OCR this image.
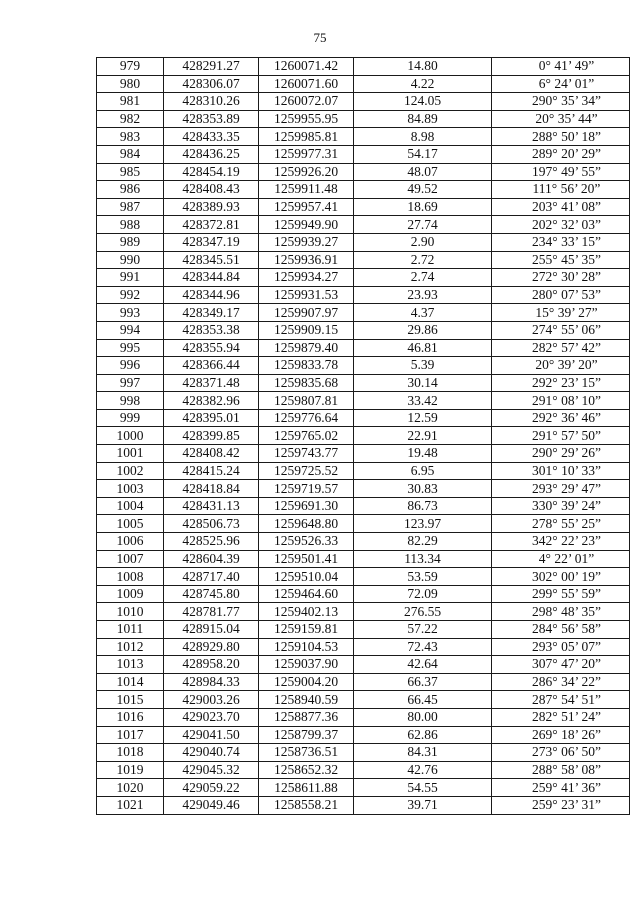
75
979	428291.27	1260071.42	14.80	0° 41’ 49”
980	428306.07	1260071.60	4.22	6° 24’ 01”
981	428310.26	1260072.07	124.05	290° 35’ 34”
982	428353.89	1259955.95	84.89	20° 35’ 44”
983	428433.35	1259985.81	8.98	288° 50’ 18”
984	428436.25	1259977.31	54.17	289° 20’ 29”
985	428454.19	1259926.20	48.07	197° 49’ 55”
986	428408.43	1259911.48	49.52	111° 56’ 20”
987	428389.93	1259957.41	18.69	203° 41’ 08”
988	428372.81	1259949.90	27.74	202° 32’ 03”
989	428347.19	1259939.27	2.90	234° 33’ 15”
990	428345.51	1259936.91	2.72	255° 45’ 35”
991	428344.84	1259934.27	2.74	272° 30’ 28”
992	428344.96	1259931.53	23.93	280° 07’ 53”
993	428349.17	1259907.97	4.37	15° 39’ 27”
994	428353.38	1259909.15	29.86	274° 55’ 06”
995	428355.94	1259879.40	46.81	282° 57’ 42”
996	428366.44	1259833.78	5.39	20° 39’ 20”
997	428371.48	1259835.68	30.14	292° 23’ 15”
998	428382.96	1259807.81	33.42	291° 08’ 10”
999	428395.01	1259776.64	12.59	292° 36’ 46”
1000	428399.85	1259765.02	22.91	291° 57’ 50”
1001	428408.42	1259743.77	19.48	290° 29’ 26”
1002	428415.24	1259725.52	6.95	301° 10’ 33”
1003	428418.84	1259719.57	30.83	293° 29’ 47”
1004	428431.13	1259691.30	86.73	330° 39’ 24”
1005	428506.73	1259648.80	123.97	278° 55’ 25”
1006	428525.96	1259526.33	82.29	342° 22’ 23”
1007	428604.39	1259501.41	113.34	4° 22’ 01”
1008	428717.40	1259510.04	53.59	302° 00’ 19”
1009	428745.80	1259464.60	72.09	299° 55’ 59”
1010	428781.77	1259402.13	276.55	298° 48’ 35”
1011	428915.04	1259159.81	57.22	284° 56’ 58”
1012	428929.80	1259104.53	72.43	293° 05’ 07”
1013	428958.20	1259037.90	42.64	307° 47’ 20”
1014	428984.33	1259004.20	66.37	286° 34’ 22”
1015	429003.26	1258940.59	66.45	287° 54’ 51”
1016	429023.70	1258877.36	80.00	282° 51’ 24”
1017	429041.50	1258799.37	62.86	269° 18’ 26”
1018	429040.74	1258736.51	84.31	273° 06’ 50”
1019	429045.32	1258652.32	42.76	288° 58’ 08”
1020	429059.22	1258611.88	54.55	259° 41’ 36”
1021	429049.46	1258558.21	39.71	259° 23’ 31”
